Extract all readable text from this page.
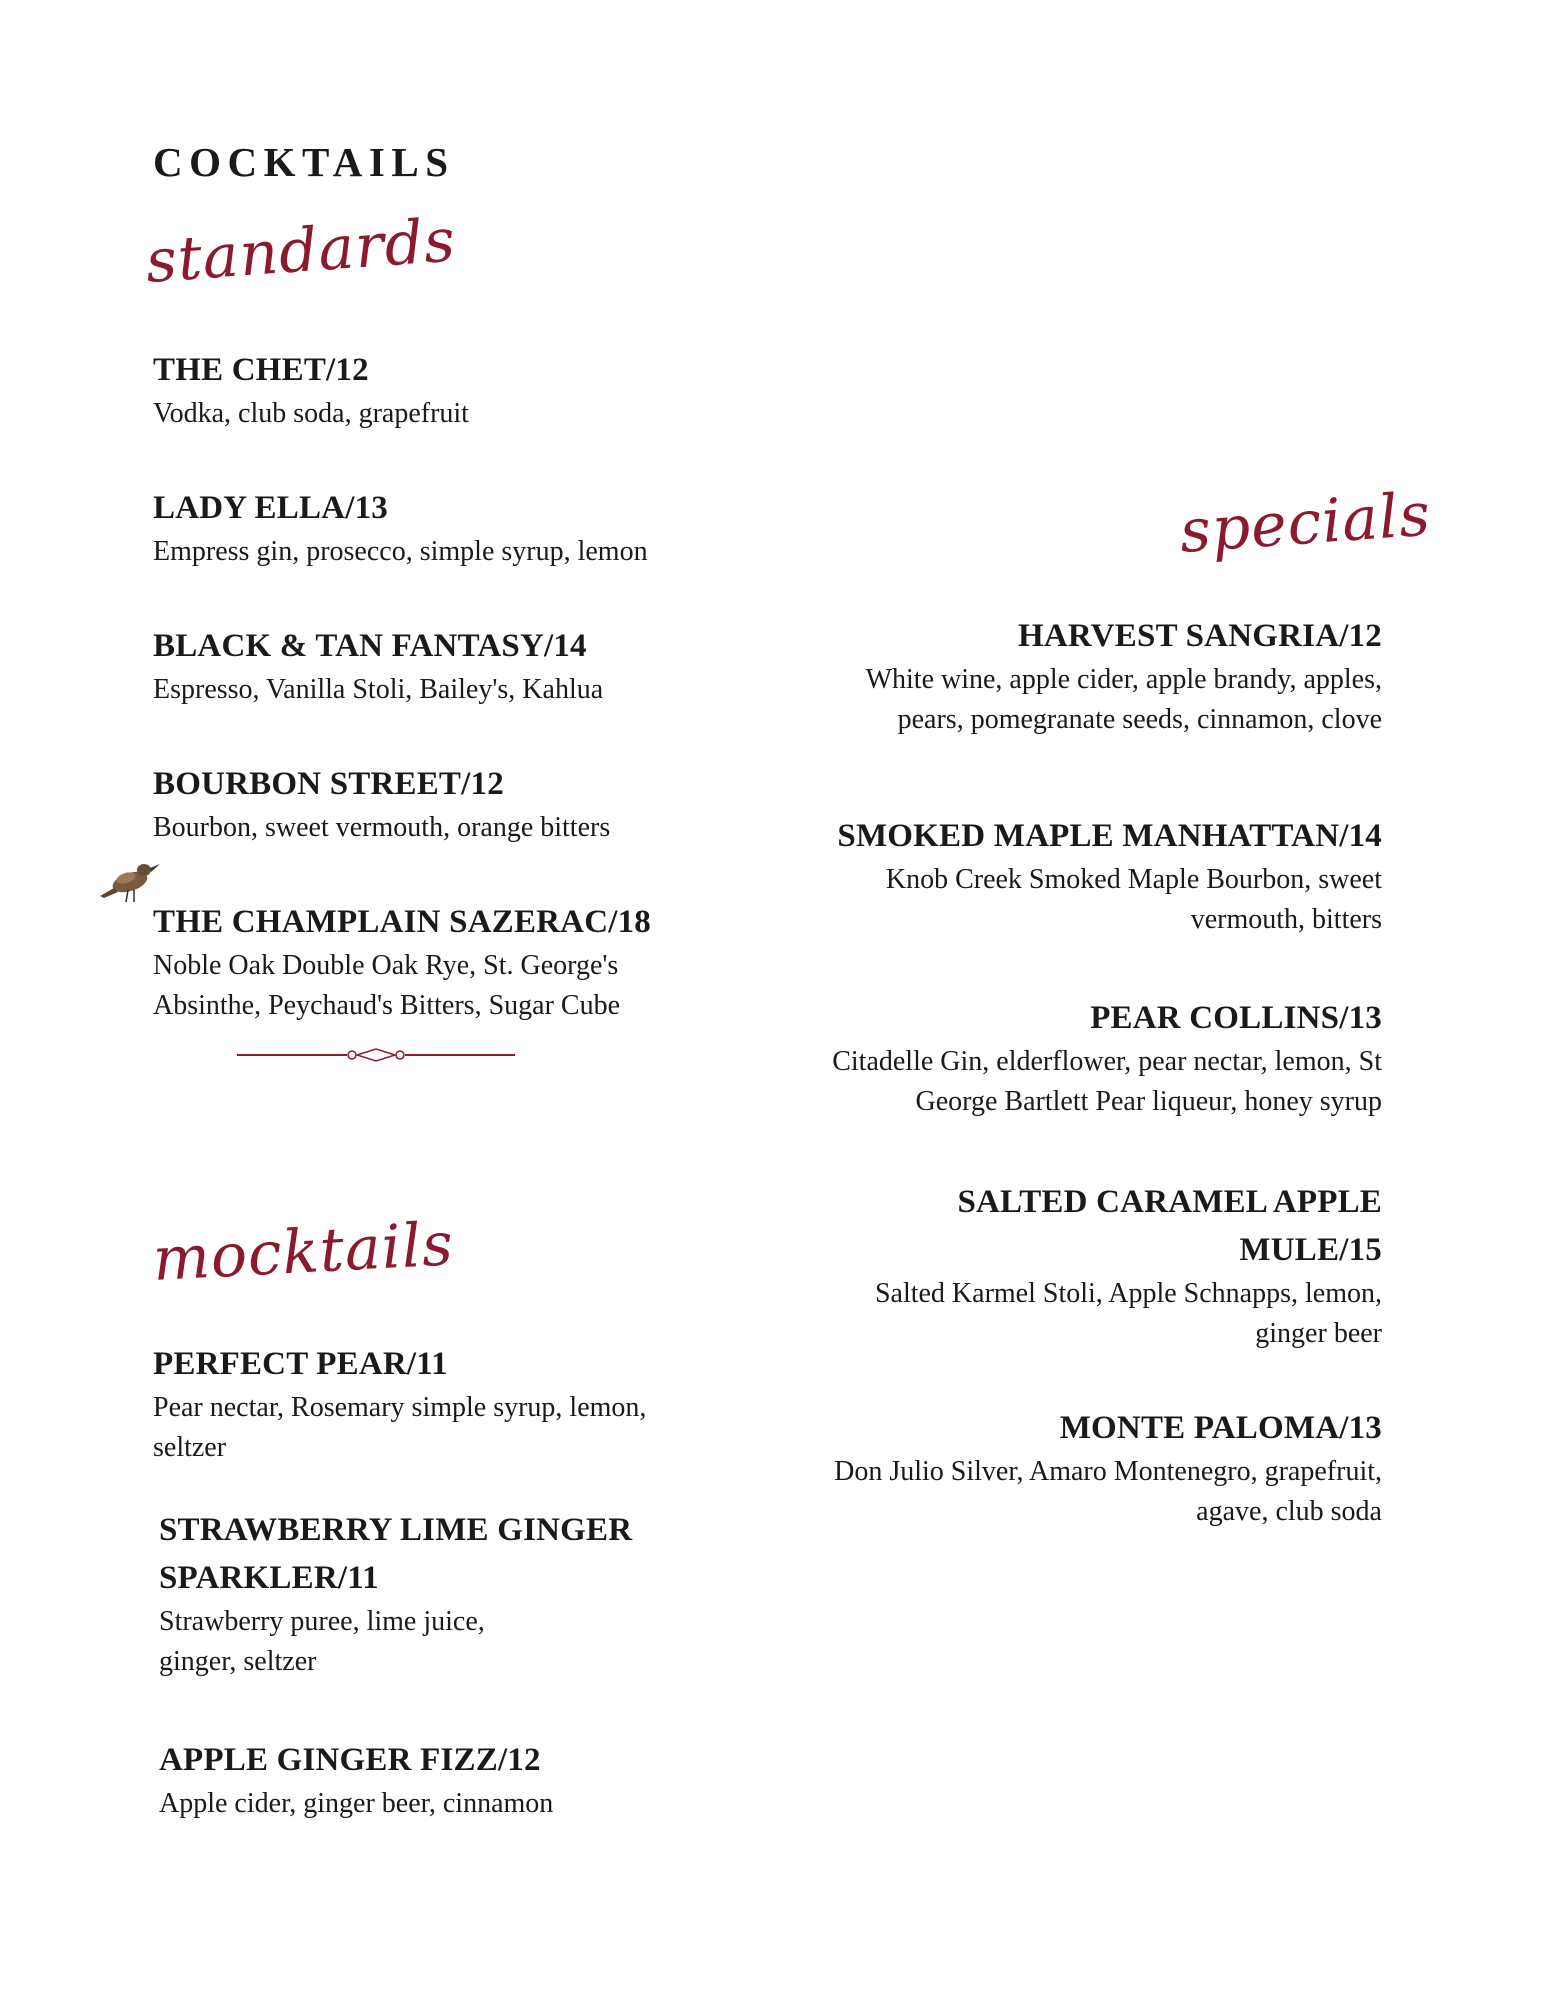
COCKTAILS
standards

THE CHET/12

Vodka, club soda, grapefruit

LADY ELLA/13

Empress gin, prosecco, simple syrup, lemon

BLACK & TAN FANTASY/14

Espresso, Vanilla Stoli, Bailey's, Kahlua

BOURBON STREET/12

Bourbon, sweet vermouth, orange bitters

THE CHAMPLAIN SAZERAC/18

Noble Oak Double Oak Rye, St. George's

Absinthe, Peychaud's Bitters, Sugar Cube

specials

HARVEST SANGRIA/12

White wine, apple cider, apple brandy, apples,

pears, pomegranate seeds, cinnamon, clove

SMOKED MAPLE MANHATTAN/14

Knob Creek Smoked Maple Bourbon, sweet

vermouth, bitters

PEAR COLLINS/13

Citadelle Gin, elderflower, pear nectar, lemon, St

George Bartlett Pear liqueur, honey syrup

SALTED CARAMEL APPLE

MULE/15

Salted Karmel Stoli, Apple Schnapps, lemon,

ginger beer

MONTE PALOMA/13

Don Julio Silver, Amaro Montenegro, grapefruit,

agave, club soda

mocktails

PERFECT PEAR/11

Pear nectar, Rosemary simple syrup, lemon,

seltzer

STRAWBERRY LIME GINGER

SPARKLER/11

Strawberry puree, lime juice,

ginger, seltzer

APPLE GINGER FIZZ/12

Apple cider, ginger beer, cinnamon
